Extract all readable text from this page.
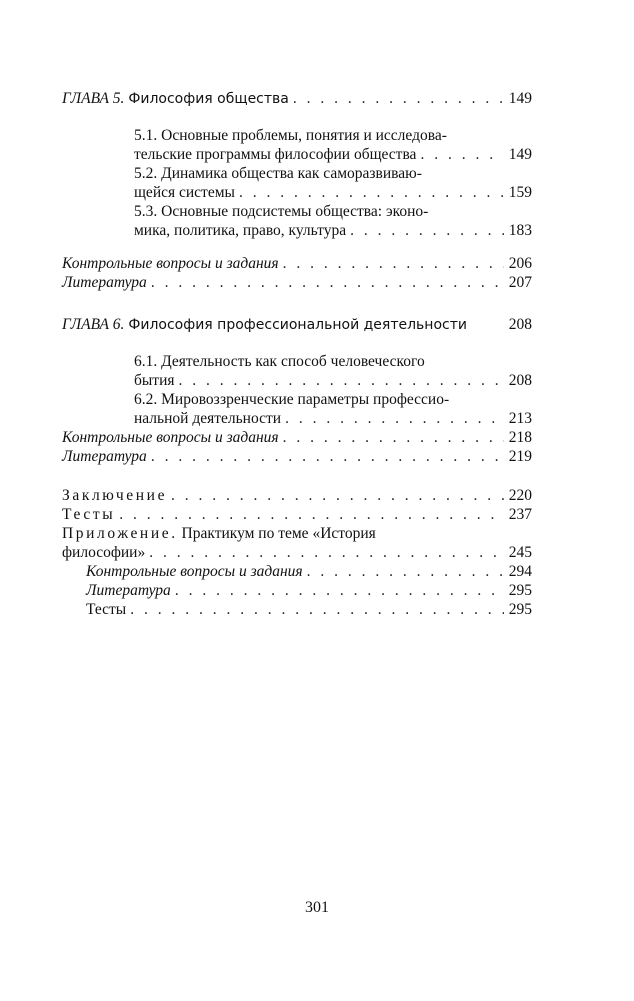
ГЛАВА 5. Философия общества . . .	149
5.1. Основные проблемы, понятия и исследова-
тельские программы философии общества . . .	149
5.2. Динамика общества как саморазвиваю-
щейся системы . . .	159
5.3. Основные подсистемы общества: эконо-
мика, политика, право, культура . . .	183
Контрольные вопросы и задания . . .	206
Литература . . .	207
ГЛАВА 6. Философия профессиональной деятельности	208
6.1. Деятельность как способ человеческого
бытия . . .	208
6.2. Мировоззренческие параметры профессио-
нальной деятельности . . .	213
Контрольные вопросы и задания . . .	218
Литература . . .	219
Заключение . . .	220
Тесты . . .	237
Приложение. Практикум по теме «История
философии» . . .	245
Контрольные вопросы и задания . . .	294
Литература . . .	295
Тесты . . .	295
301
